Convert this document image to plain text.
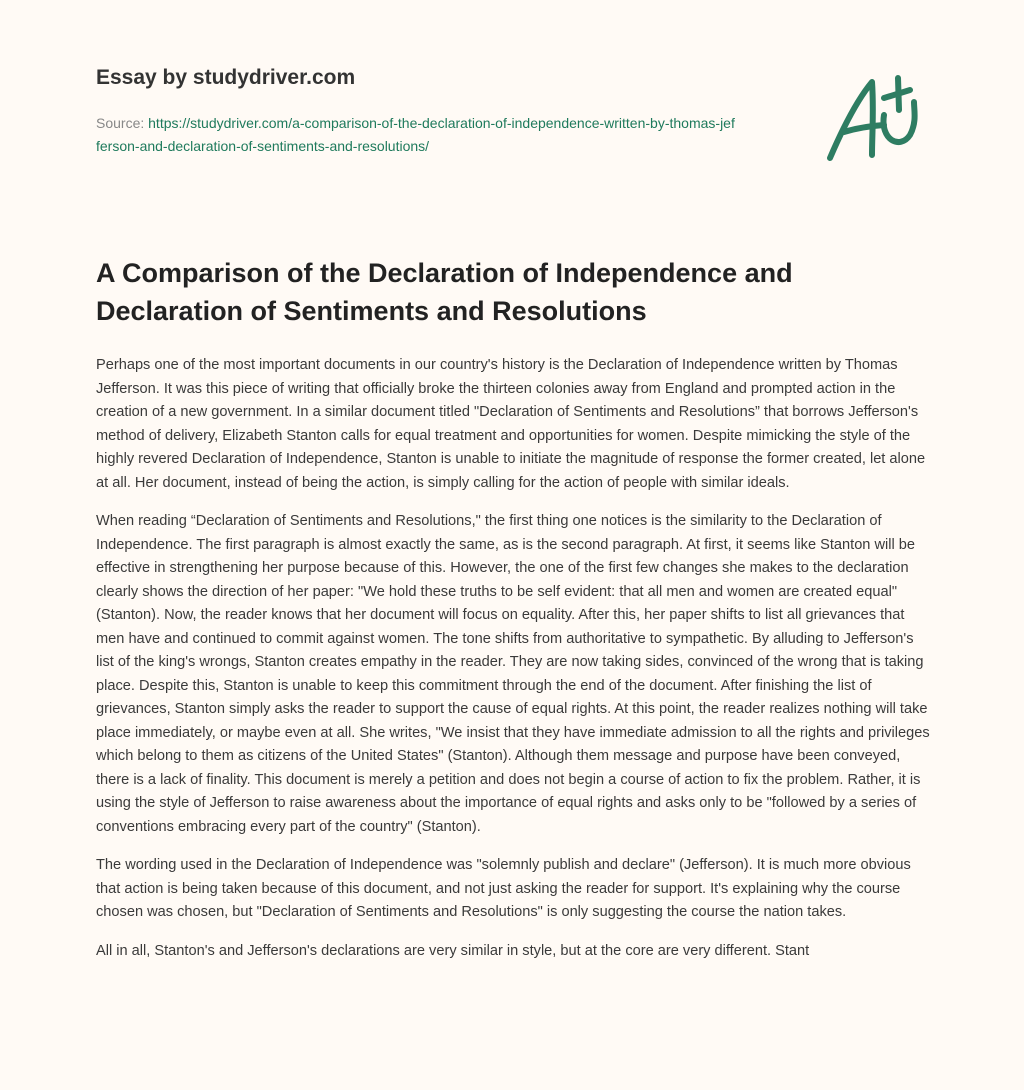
Essay by studydriver.com
Source: https://studydriver.com/a-comparison-of-the-declaration-of-independence-written-by-thomas-jefferson-and-declaration-of-sentiments-and-resolutions/
A Comparison of the Declaration of Independence and Declaration of Sentiments and Resolutions

Perhaps one of the most important documents in our country's history is the Declaration of Independence written by Thomas Jefferson. It was this piece of writing that officially broke the thirteen colonies away from England and prompted action in the creation of a new government. In a similar document titled "Declaration of Sentiments and Resolutions” that borrows Jefferson's method of delivery, Elizabeth Stanton calls for equal treatment and opportunities for women. Despite mimicking the style of the highly revered Declaration of Independence, Stanton is unable to initiate the magnitude of response the former created, let alone at all. Her document, instead of being the action, is simply calling for the action of people with similar ideals.

When reading “Declaration of Sentiments and Resolutions," the first thing one notices is the similarity to the Declaration of Independence. The first paragraph is almost exactly the same, as is the second paragraph. At first, it seems like Stanton will be effective in strengthening her purpose because of this. However, the one of the first few changes she makes to the declaration clearly shows the direction of her paper: "We hold these truths to be self evident: that all men and women are created equal" (Stanton). Now, the reader knows that her document will focus on equality. After this, her paper shifts to list all grievances that men have and continued to commit against women. The tone shifts from authoritative to sympathetic. By alluding to Jefferson's list of the king's wrongs, Stanton creates empathy in the reader. They are now taking sides, convinced of the wrong that is taking place. Despite this, Stanton is unable to keep this commitment through the end of the document. After finishing the list of grievances, Stanton simply asks the reader to support the cause of equal rights. At this point, the reader realizes nothing will take place immediately, or maybe even at all. She writes, "We insist that they have immediate admission to all the rights and privileges which belong to them as citizens of the United States" (Stanton). Although them message and purpose have been conveyed, there is a lack of finality. This document is merely a petition and does not begin a course of action to fix the problem. Rather, it is using the style of Jefferson to raise awareness about the importance of equal rights and asks only to be "followed by a series of conventions embracing every part of the country" (Stanton).

The wording used in the Declaration of Independence was "solemnly publish and declare" (Jefferson). It is much more obvious that action is being taken because of this document, and not just asking the reader for support. It's explaining why the course chosen was chosen, but "Declaration of Sentiments and Resolutions" is only suggesting the course the nation takes.

All in all, Stanton's and Jefferson's declarations are very similar in style, but at the core are very different. Stant
